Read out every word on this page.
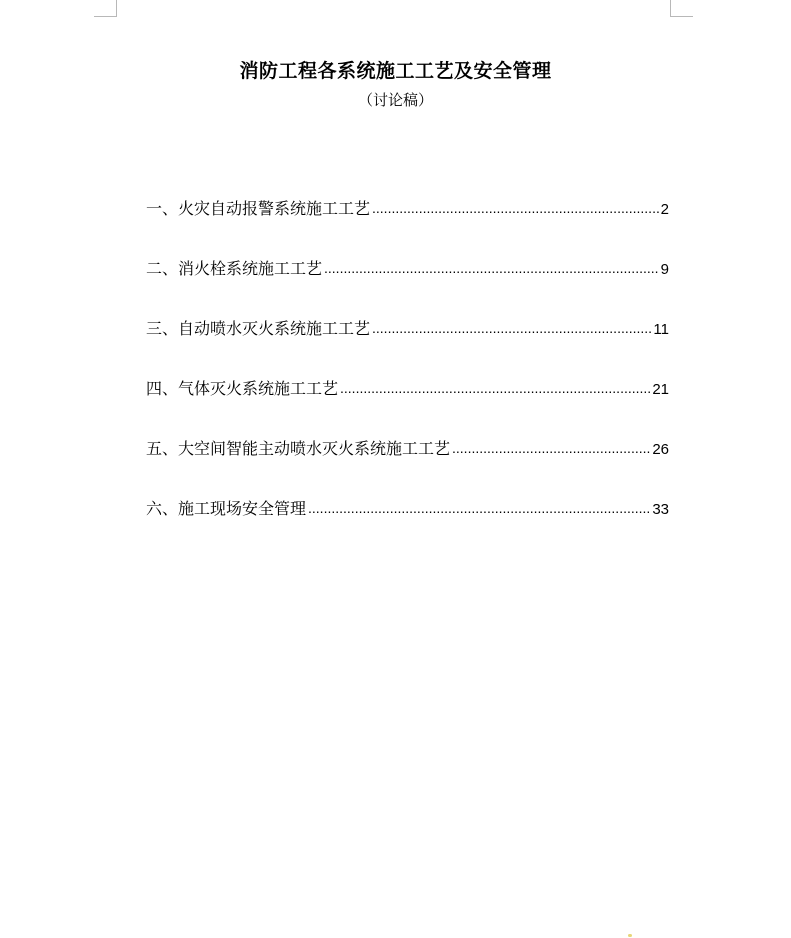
消防工程各系统施工工艺及安全管理
（讨论稿）
一、火灾自动报警系统施工工艺 .....	2
二、消火栓系统施工工艺 .....	9
三、自动喷水灭火系统施工工艺 .....	11
四、气体灭火系统施工工艺 .....	21
五、大空间智能主动喷水灭火系统施工工艺 .....	26
六、施工现场安全管理 .....	33
